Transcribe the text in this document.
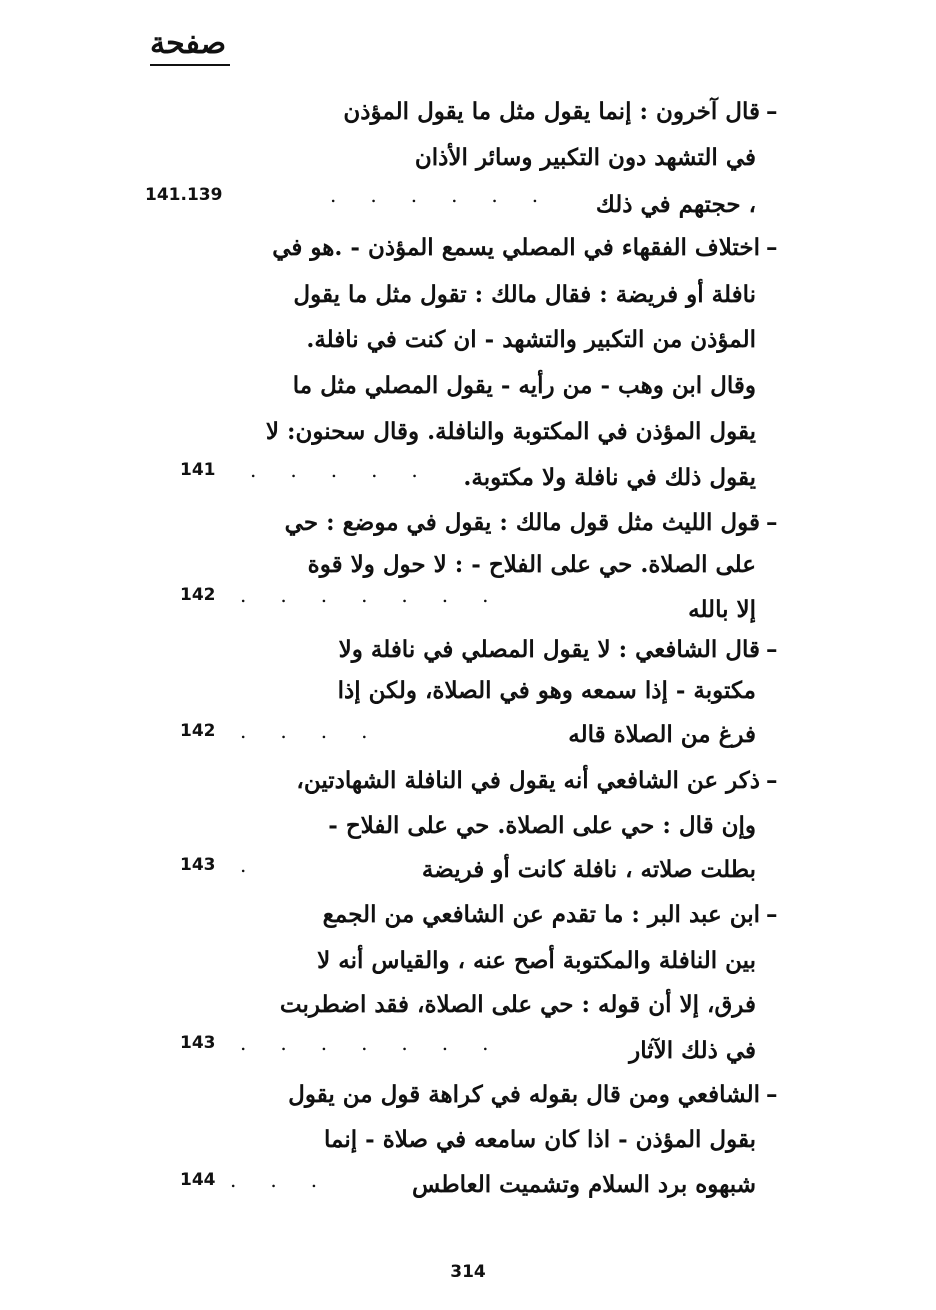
صفحة
قال آخرون : إنما يقول مثل ما يقول المؤذن
في التشهد دون التكبير وسائر الأذان
، حجتهم في ذلك
–
......
141.139
اختلاف الفقهاء في المصلي يسمع المؤذن - .هو في
نافلة أو فريضة : فقال مالك : تقول مثل ما يقول
المؤذن من التكبير والتشهد - ان كنت في نافلة.
وقال ابن وهب - من رأيه - يقول المصلي مثل ما
يقول المؤذن في المكتوبة والنافلة. وقال سحنون: لا
يقول ذلك في نافلة ولا مكتوبة.
–
.....
141
قول الليث مثل قول مالك : يقول في موضع : حي
على الصلاة. حي على الفلاح - : لا حول ولا قوة
إلا بالله
–
.......
142
قال الشافعي : لا يقول المصلي في نافلة ولا
مكتوبة - إذا سمعه وهو في الصلاة، ولكن إذا
فرغ من الصلاة قاله
–
....
142
ذكر عن الشافعي أنه يقول في النافلة الشهادتين،
وإن قال : حي على الصلاة. حي على الفلاح -
بطلت صلاته ، نافلة كانت أو فريضة
–
.
143
ابن عبد البر : ما تقدم عن الشافعي من الجمع
بين النافلة والمكتوبة أصح عنه ، والقياس أنه لا
فرق، إلا أن قوله : حي على الصلاة، فقد اضطربت
في ذلك الآثار
–
.......
143
الشافعي ومن قال بقوله في كراهة قول من يقول
بقول المؤذن - اذا كان سامعه في صلاة - إنما
شبهوه برد السلام وتشميت العاطس
–
...
144
314
